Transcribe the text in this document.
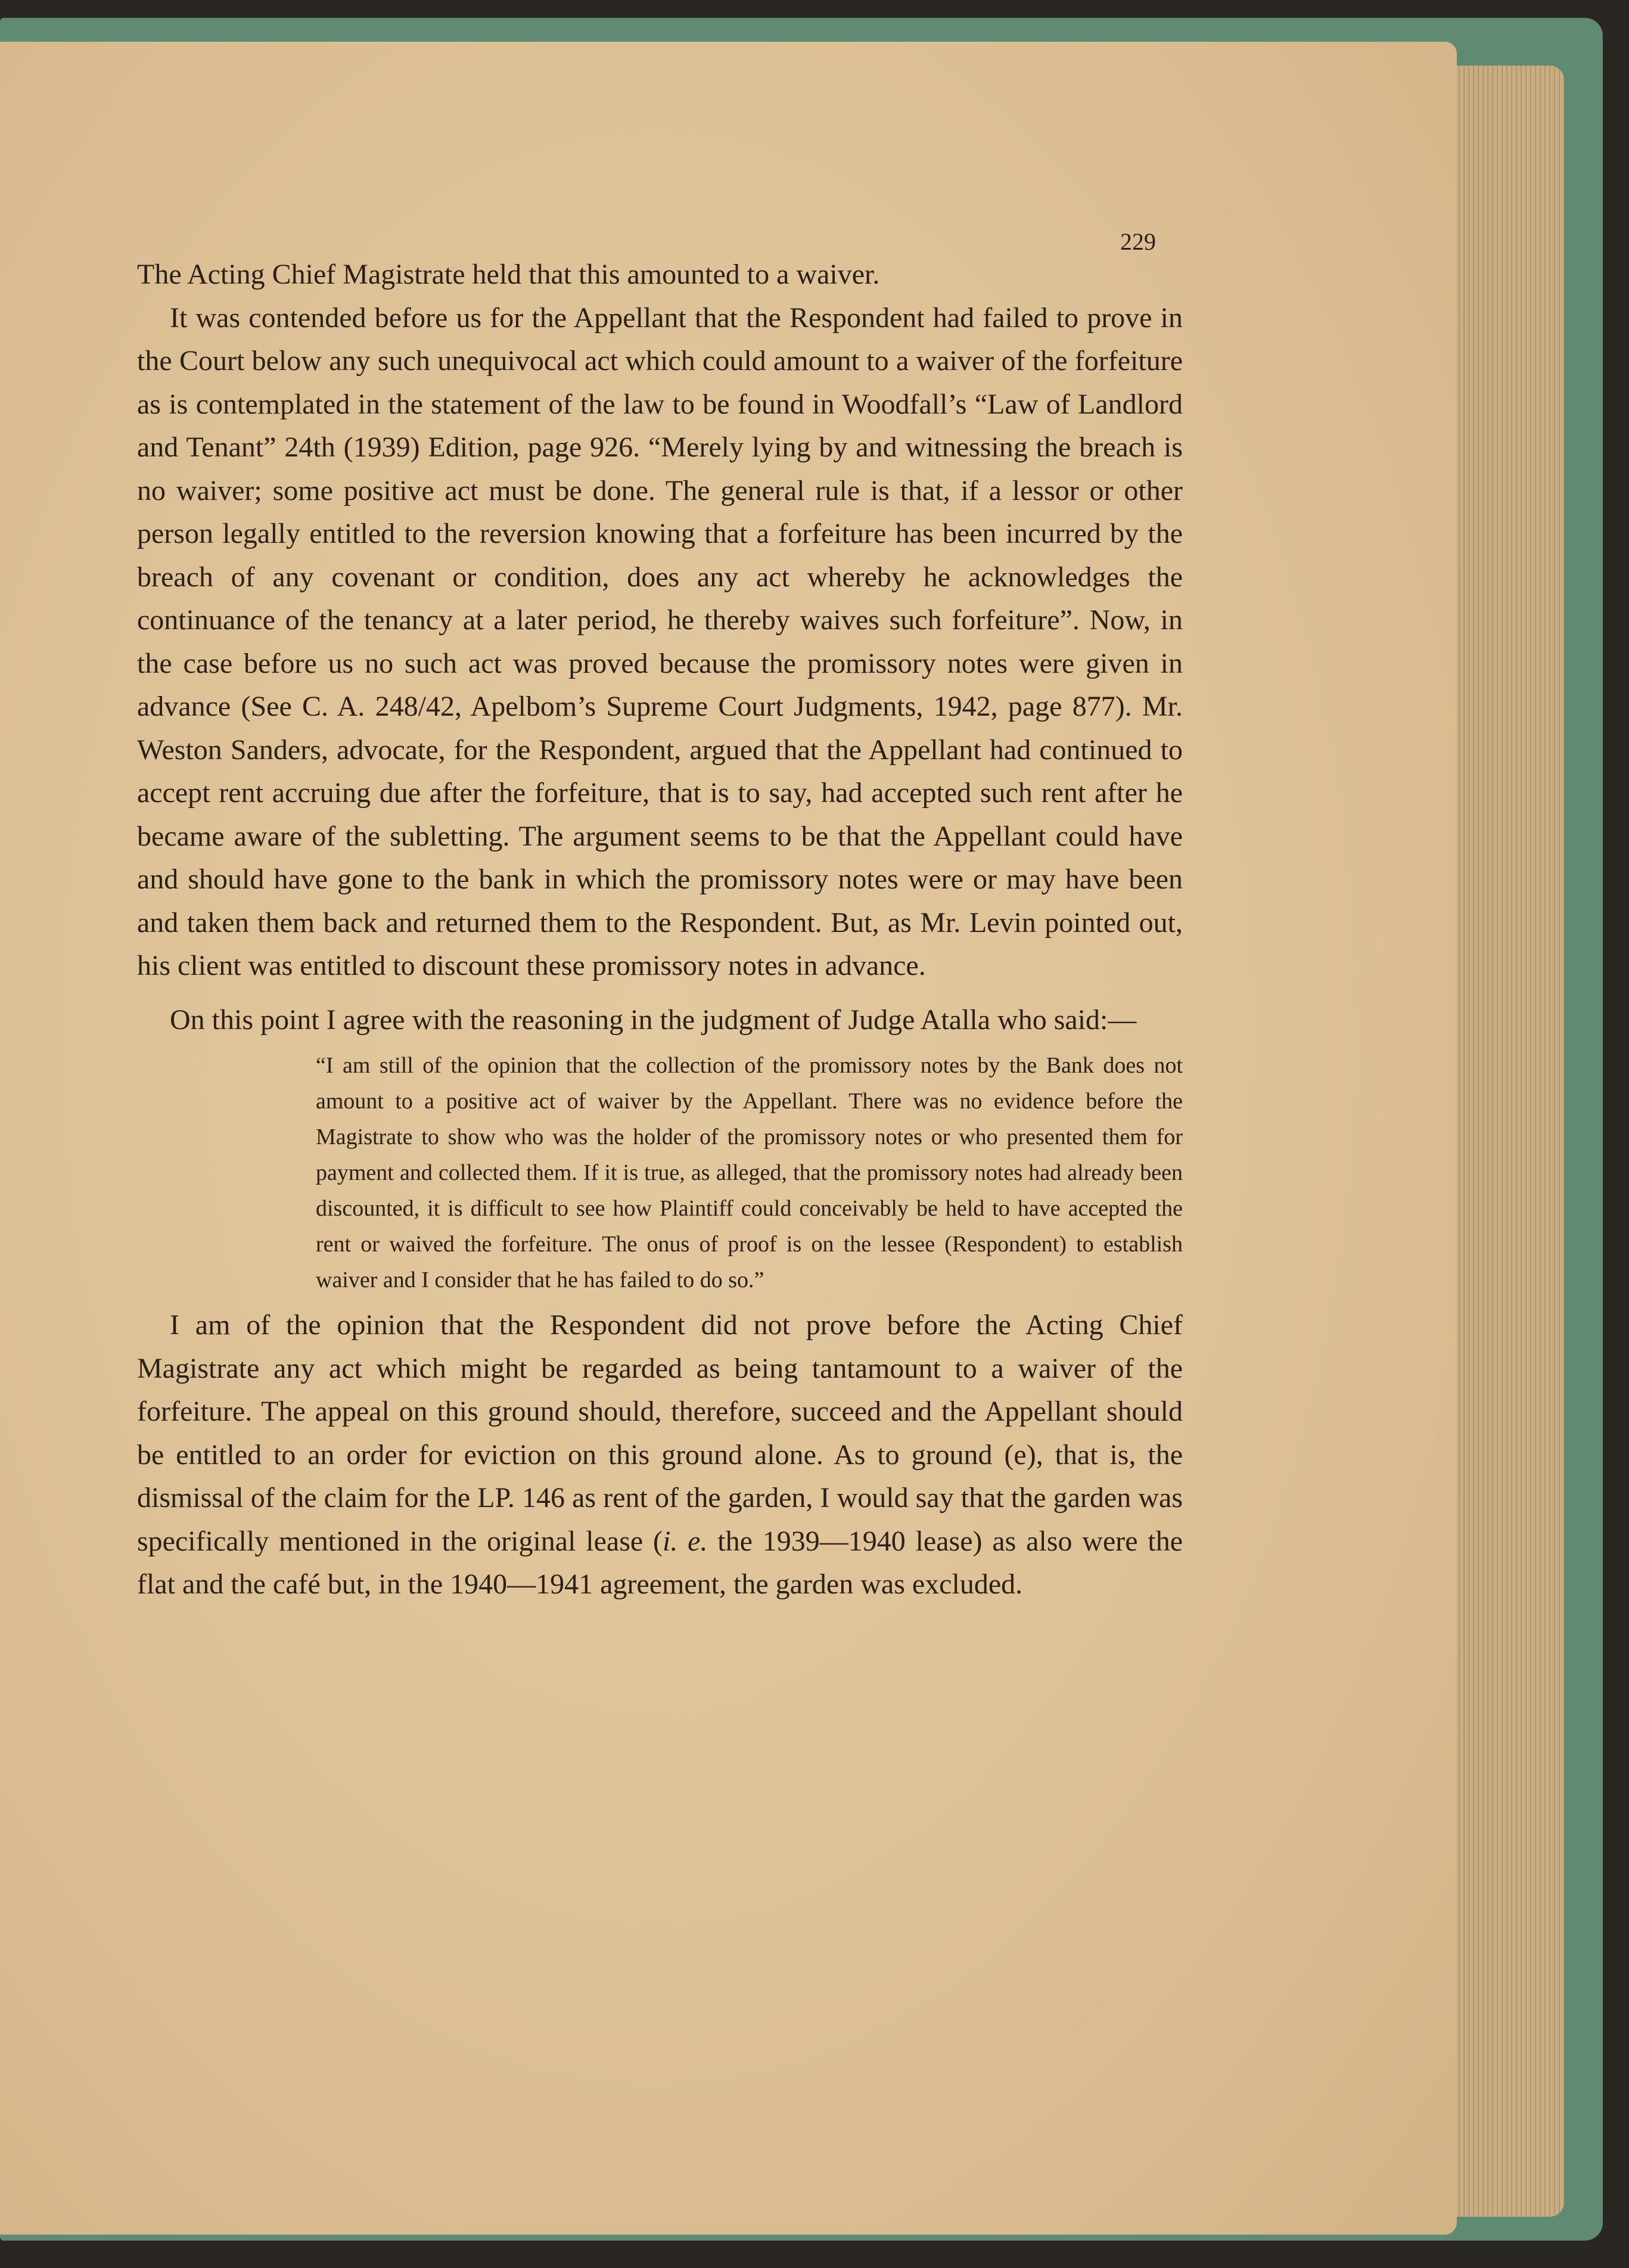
229

The Acting Chief Magistrate held that this amounted to a waiver.

It was contended before us for the Appellant that the Respondent had failed to prove in the Court below any such unequivocal act which could amount to a waiver of the forfeiture as is contemplated in the statement of the law to be found in Woodfall’s “Law of Landlord and Tenant” 24th (1939) Edition, page 926. “Merely lying by and witnessing the breach is no waiver; some positive act must be done. The general rule is that, if a lessor or other person legally entitled to the reversion knowing that a forfeiture has been incurred by the breach of any covenant or condition, does any act whereby he acknowledges the continuance of the tenancy at a later period, he thereby waives such forfeiture”. Now, in the case before us no such act was proved because the promissory notes were given in advance (See C. A. 248/42, Apelbom’s Supreme Court Judgments, 1942, page 877). Mr. Weston Sanders, advocate, for the Respondent, argued that the Appellant had continued to accept rent accruing due after the forfeiture, that is to say, had accepted such rent after he became aware of the subletting. The argument seems to be that the Appellant could have and should have gone to the bank in which the promissory notes were or may have been and taken them back and returned them to the Respondent. But, as Mr. Levin pointed out, his client was entitled to discount these promissory notes in advance.

On this point I agree with the reasoning in the judgment of Judge Atalla who said:—

“I am still of the opinion that the collection of the promissory notes by the Bank does not amount to a positive act of waiver by the Appellant. There was no evidence before the Magistrate to show who was the holder of the promissory notes or who presented them for payment and collected them. If it is true, as alleged, that the promissory notes had already been discounted, it is difficult to see how Plaintiff could conceivably be held to have accepted the rent or waived the forfeiture. The onus of proof is on the lessee (Respondent) to establish waiver and I consider that he has failed to do so.”

I am of the opinion that the Respondent did not prove before the Acting Chief Magistrate any act which might be regarded as being tantamount to a waiver of the forfeiture. The appeal on this ground should, therefore, succeed and the Appellant should be entitled to an order for eviction on this ground alone. As to ground (e), that is, the dismissal of the claim for the LP. 146 as rent of the garden, I would say that the garden was specifically mentioned in the original lease (i. e. the 1939—1940 lease) as also were the flat and the café but, in the 1940—1941 agreement, the garden was excluded.
